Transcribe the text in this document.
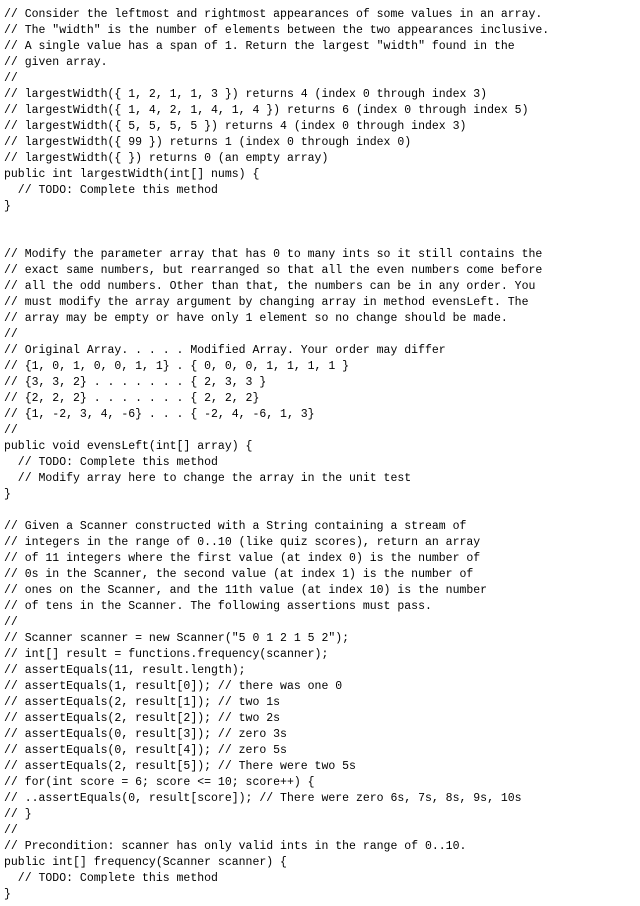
// Consider the leftmost and rightmost appearances of some values in an array.
// The "width" is the number of elements between the two appearances inclusive.
// A single value has a span of 1. Return the largest "width" found in the
// given array.
//
// largestWidth({ 1, 2, 1, 1, 3 }) returns 4 (index 0 through index 3)
// largestWidth({ 1, 4, 2, 1, 4, 1, 4 }) returns 6 (index 0 through index 5)
// largestWidth({ 5, 5, 5, 5 }) returns 4 (index 0 through index 3)
// largestWidth({ 99 }) returns 1 (index 0 through index 0)
// largestWidth({ }) returns 0 (an empty array)
public int largestWidth(int[] nums) {
// TODO: Complete this method
}
// Modify the parameter array that has 0 to many ints so it still contains the
// exact same numbers, but rearranged so that all the even numbers come before
// all the odd numbers. Other than that, the numbers can be in any order. You
// must modify the array argument by changing array in method evensLeft. The
// array may be empty or have only 1 element so no change should be made.
//
// Original Array. . . . . Modified Array. Your order may differ
// {1, 0, 1, 0, 0, 1, 1} . { 0, 0, 0, 1, 1, 1, 1 }
// {3, 3, 2} . . . . . . . { 2, 3, 3 }
// {2, 2, 2} . . . . . . . { 2, 2, 2}
// {1, -2, 3, 4, -6} . . . { -2, 4, -6, 1, 3}
//
public void evensLeft(int[] array) {
// TODO: Complete this method
// Modify array here to change the array in the unit test
}
// Given a Scanner constructed with a String containing a stream of
// integers in the range of 0..10 (like quiz scores), return an array
// of 11 integers where the first value (at index 0) is the number of
// 0s in the Scanner, the second value (at index 1) is the number of
// ones on the Scanner, and the 11th value (at index 10) is the number
// of tens in the Scanner. The following assertions must pass.
//
// Scanner scanner = new Scanner("5 0 1 2 1 5 2");
// int[] result = functions.frequency(scanner);
// assertEquals(11, result.length);
// assertEquals(1, result[0]); // there was one 0
// assertEquals(2, result[1]); // two 1s
// assertEquals(2, result[2]); // two 2s
// assertEquals(0, result[3]); // zero 3s
// assertEquals(0, result[4]); // zero 5s
// assertEquals(2, result[5]); // There were two 5s
// for(int score = 6; score <= 10; score++) {
// ..assertEquals(0, result[score]); // There were zero 6s, 7s, 8s, 9s, 10s
// }
//
// Precondition: scanner has only valid ints in the range of 0..10.
public int[] frequency(Scanner scanner) {
// TODO: Complete this method
}
